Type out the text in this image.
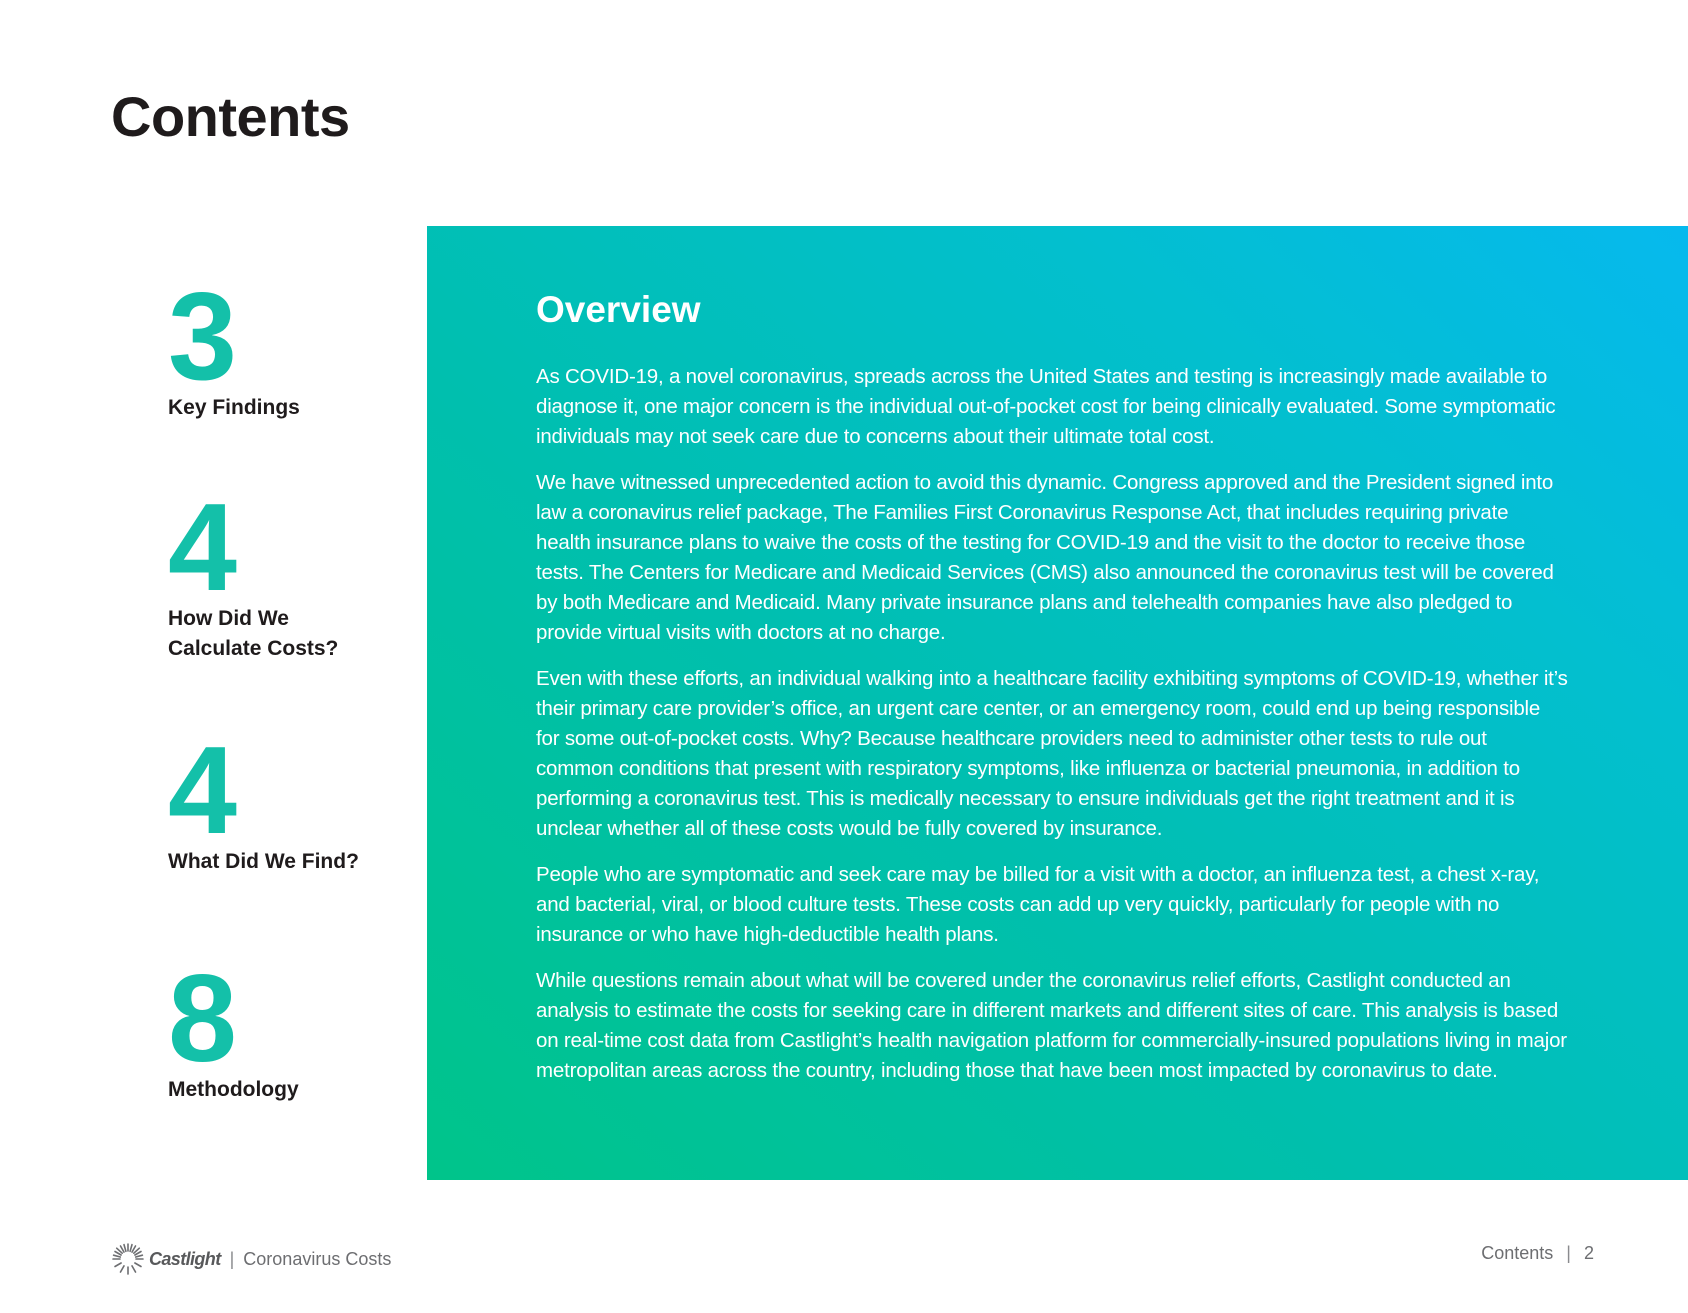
Contents
3
Key Findings
4
How Did We Calculate Costs?
4
What Did We Find?
8
Methodology
Overview

As COVID-19, a novel coronavirus, spreads across the United States and testing is increasingly made available to diagnose it, one major concern is the individual out-of-pocket cost for being clinically evaluated. Some symptomatic individuals may not seek care due to concerns about their ultimate total cost.

We have witnessed unprecedented action to avoid this dynamic. Congress approved and the President signed into law a coronavirus relief package, The Families First Coronavirus Response Act, that includes requiring private health insurance plans to waive the costs of the testing for COVID-19 and the visit to the doctor to receive those tests. The Centers for Medicare and Medicaid Services (CMS) also announced the coronavirus test will be covered by both Medicare and Medicaid. Many private insurance plans and telehealth companies have also pledged to provide virtual visits with doctors at no charge.

Even with these efforts, an individual walking into a healthcare facility exhibiting symptoms of COVID-19, whether it’s their primary care provider’s office, an urgent care center, or an emergency room, could end up being responsible for some out-of-pocket costs. Why? Because healthcare providers need to administer other tests to rule out common conditions that present with respiratory symptoms, like influenza or bacterial pneumonia, in addition to performing a coronavirus test. This is medically necessary to ensure individuals get the right treatment and it is unclear whether all of these costs would be fully covered by insurance.

People who are symptomatic and seek care may be billed for a visit with a doctor, an influenza test, a chest x-ray, and bacterial, viral, or blood culture tests. These costs can add up very quickly, particularly for people with no insurance or who have high-deductible health plans.

While questions remain about what will be covered under the coronavirus relief efforts, Castlight conducted an analysis to estimate the costs for seeking care in different markets and different sites of care. This analysis is based on real-time cost data from Castlight’s health navigation platform for commercially-insured populations living in major metropolitan areas across the country, including those that have been most impacted by coronavirus to date.

Castlight | Coronavirus Costs	Contents | 2
